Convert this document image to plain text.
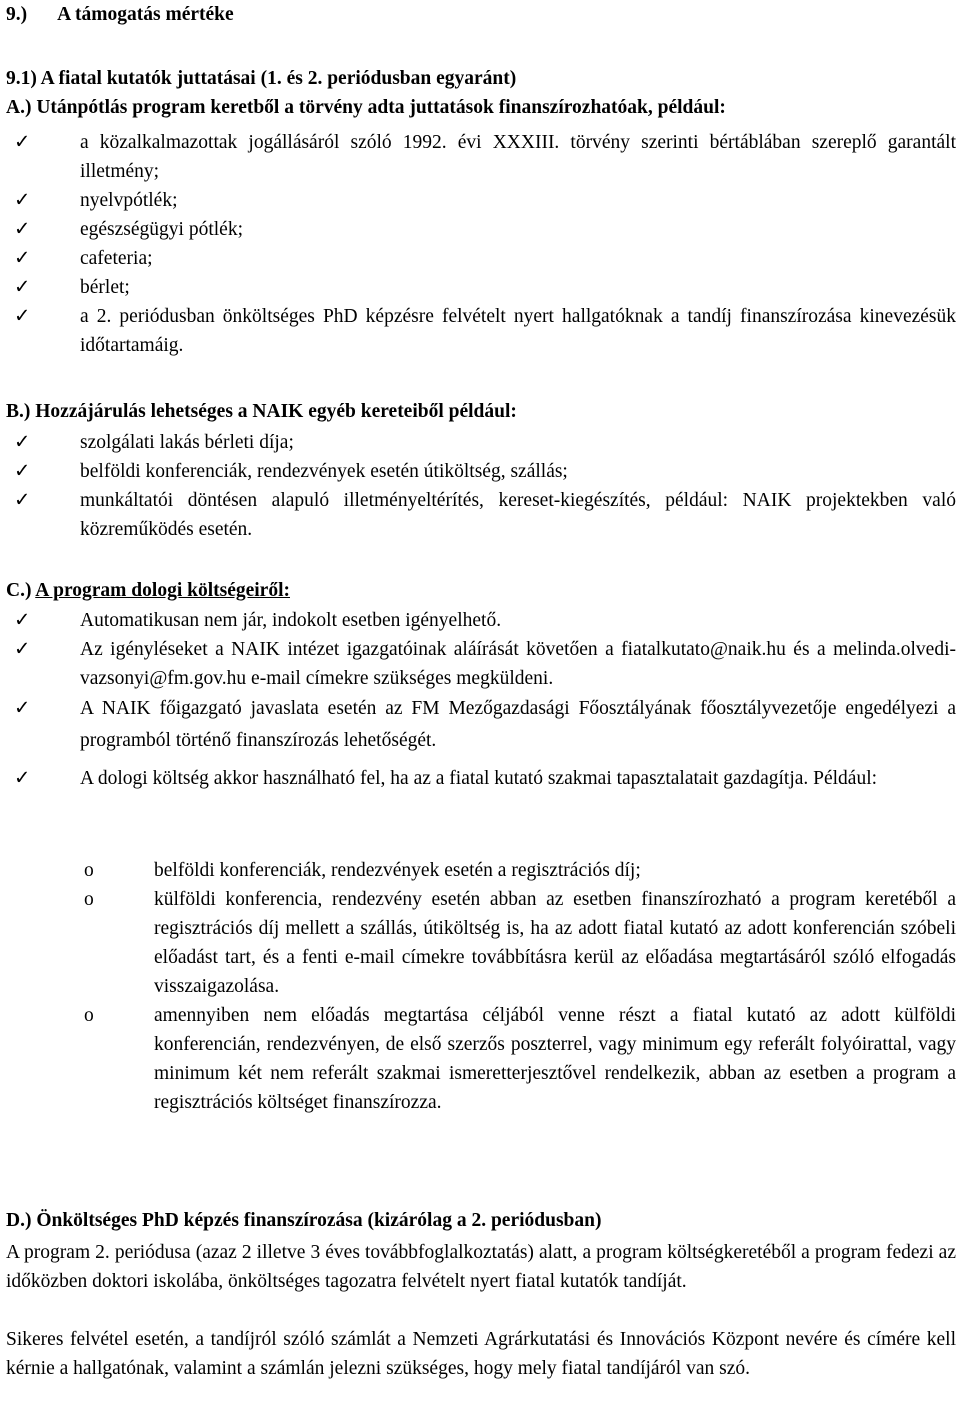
9.) A támogatás mértéke
9.1) A fiatal kutatók juttatásai (1. és 2. periódusban egyaránt)
A.) Utánpótlás program keretből a törvény adta juttatások finanszírozhatóak, például:
✓	a közalkalmazottak jogállásáról szóló 1992. évi XXXIII. törvény szerinti bértáblában szereplő garantált illetmény;
✓	nyelvpótlék;
✓	egészségügyi pótlék;
✓	cafeteria;
✓	bérlet;
✓	a 2. periódusban önköltséges PhD képzésre felvételt nyert hallgatóknak a tandíj finanszírozása kinevezésük időtartamáig.
B.) Hozzájárulás lehetséges a NAIK egyéb kereteiből például:
✓	szolgálati lakás bérleti díja;
✓	belföldi konferenciák, rendezvények esetén útiköltség, szállás;
✓	munkáltatói döntésen alapuló illetményeltérítés, kereset-kiegészítés, például: NAIK projektekben való közreműködés esetén.
C.) A program dologi költségeiről:
✓	Automatikusan nem jár, indokolt esetben igényelhető.
✓	Az igényléseket a NAIK intézet igazgatóinak aláírását követően a fiatalkutato@naik.hu és a melinda.olvedi-vazsonyi@fm.gov.hu e-mail címekre szükséges megküldeni.
✓	A NAIK főigazgató javaslata esetén az FM Mezőgazdasági Főosztályának főosztályvezetője engedélyezi a programból történő finanszírozás lehetőségét.
✓	A dologi költség akkor használható fel, ha az a fiatal kutató szakmai tapasztalatait gazdagítja. Például:
o	belföldi konferenciák, rendezvények esetén a regisztrációs díj;
o	külföldi konferencia, rendezvény esetén abban az esetben finanszírozható a program keretéből a regisztrációs díj mellett a szállás, útiköltség is, ha az adott fiatal kutató az adott konferencián szóbeli előadást tart, és a fenti e-mail címekre továbbításra kerül az előadása megtartásáról szóló elfogadás visszaigazolása.
o	amennyiben nem előadás megtartása céljából venne részt a fiatal kutató az adott külföldi konferencián, rendezvényen, de első szerzős poszterrel, vagy minimum egy referált folyóirattal, vagy minimum két nem referált szakmai ismeretterjesztővel rendelkezik, abban az esetben a program a regisztrációs költséget finanszírozza.
D.) Önköltséges PhD képzés finanszírozása (kizárólag a 2. periódusban)
A program 2. periódusa (azaz 2 illetve 3 éves továbbfoglalkoztatás) alatt, a program költségkeretéből a program fedezi az időközben doktori iskolába, önköltséges tagozatra felvételt nyert fiatal kutatók tandíját.
Sikeres felvétel esetén, a tandíjról szóló számlát a Nemzeti Agrárkutatási és Innovációs Központ nevére és címére kell kérnie a hallgatónak, valamint a számlán jelezni szükséges, hogy mely fiatal tandíjáról van szó.
